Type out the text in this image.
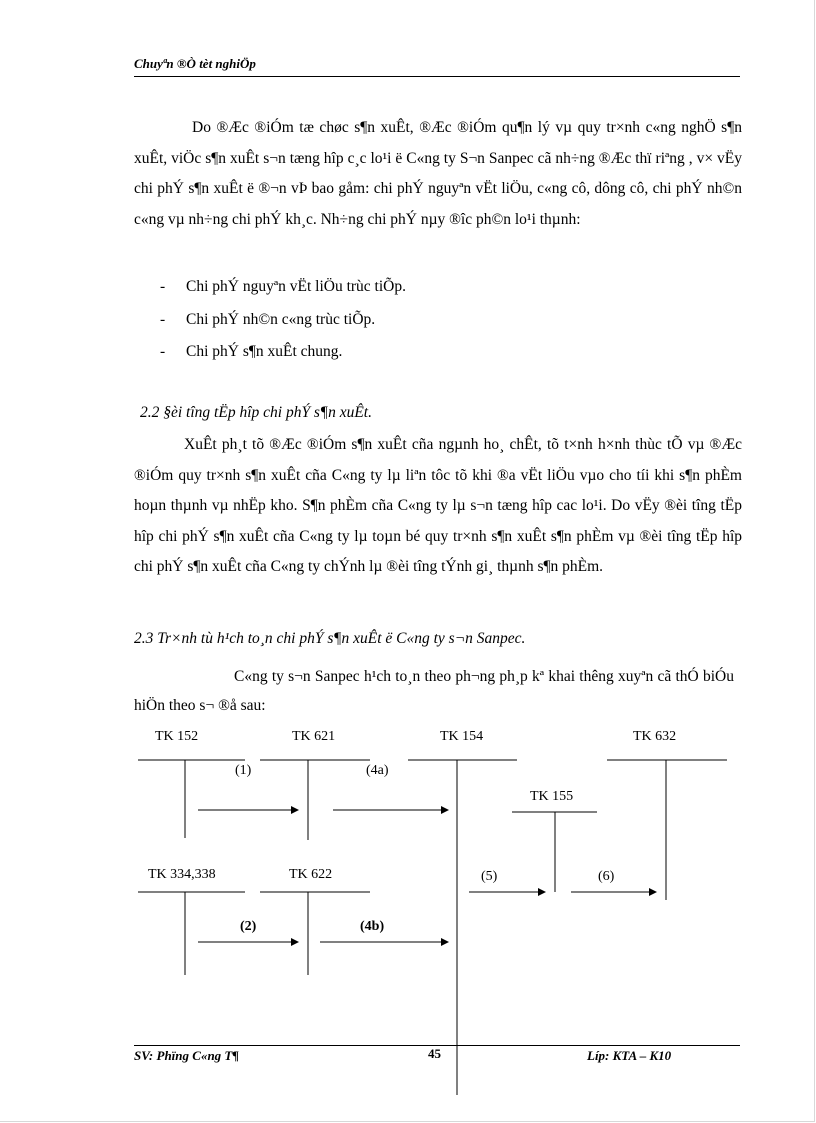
Chuyªn ®Ò tèt nghiÖp
Do ®Æc ®iÓm tæ chøc s¶n xuÊt, ®Æc ®iÓm qu¶n lý vµ quy tr×nh c«ng nghÖ s¶n xuÊt, viÖc s¶n xuÊt s¬n tæng hîp c¸c lo¹i ë C«ng ty S¬n Sanpec cã nh÷ng ®Æc thï riªng , v× vËy chi phÝ s¶n xuÊt ë ®¬n vÞ bao gåm: chi phÝ nguyªn vËt liÖu, c«ng cô, dông cô, chi phÝ nh©n c«ng vµ nh÷ng chi phÝ kh¸c. Nh÷ng chi phÝ nµy ®îc ph©n lo¹i thµnh:
- Chi phÝ nguyªn vËt liÖu trùc tiÕp.
- Chi phÝ nh©n c«ng trùc tiÕp.
- Chi phÝ s¶n xuÊt chung.
2.2 §èi tîng tËp hîp chi phÝ s¶n xuÊt.
XuÊt ph¸t tõ ®Æc ®iÓm s¶n xuÊt cña ngµnh ho¸ chÊt, tõ t×nh h×nh thùc tÕ vµ ®Æc ®iÓm quy tr×nh s¶n xuÊt cña C«ng ty lµ liªn tôc tõ khi ®a vËt liÖu vµo cho tíi khi s¶n phÈm hoµn thµnh vµ nhËp kho. S¶n phÈm cña C«ng ty lµ s¬n tæng hîp cac lo¹i. Do vËy ®èi tîng tËp hîp chi phÝ s¶n xuÊt cña C«ng ty lµ toµn bé quy tr×nh s¶n xuÊt s¶n phÈm vµ ®èi tîng tËp hîp chi phÝ s¶n xuÊt cña C«ng ty chÝnh lµ ®èi tîng tÝnh gi¸ thµnh s¶n phÈm.
2.3 Tr×nh tù h¹ch to¸n chi phÝ s¶n xuÊt ë C«ng ty s¬n Sanpec.
C«ng ty s¬n Sanpec h¹ch to¸n theo ph¬ng ph¸p kª khai thêng xuyªn cã thÓ biÓu hiÖn theo s¬ ®å sau:
TK 152	TK 621	TK 154	TK 632
TK 155
TK 334,338	TK 622
(1)	(4a)
(5)	(6)
(2)	(4b)
SV: Phïng C«ng T¶	45	Líp: KTA – K10
